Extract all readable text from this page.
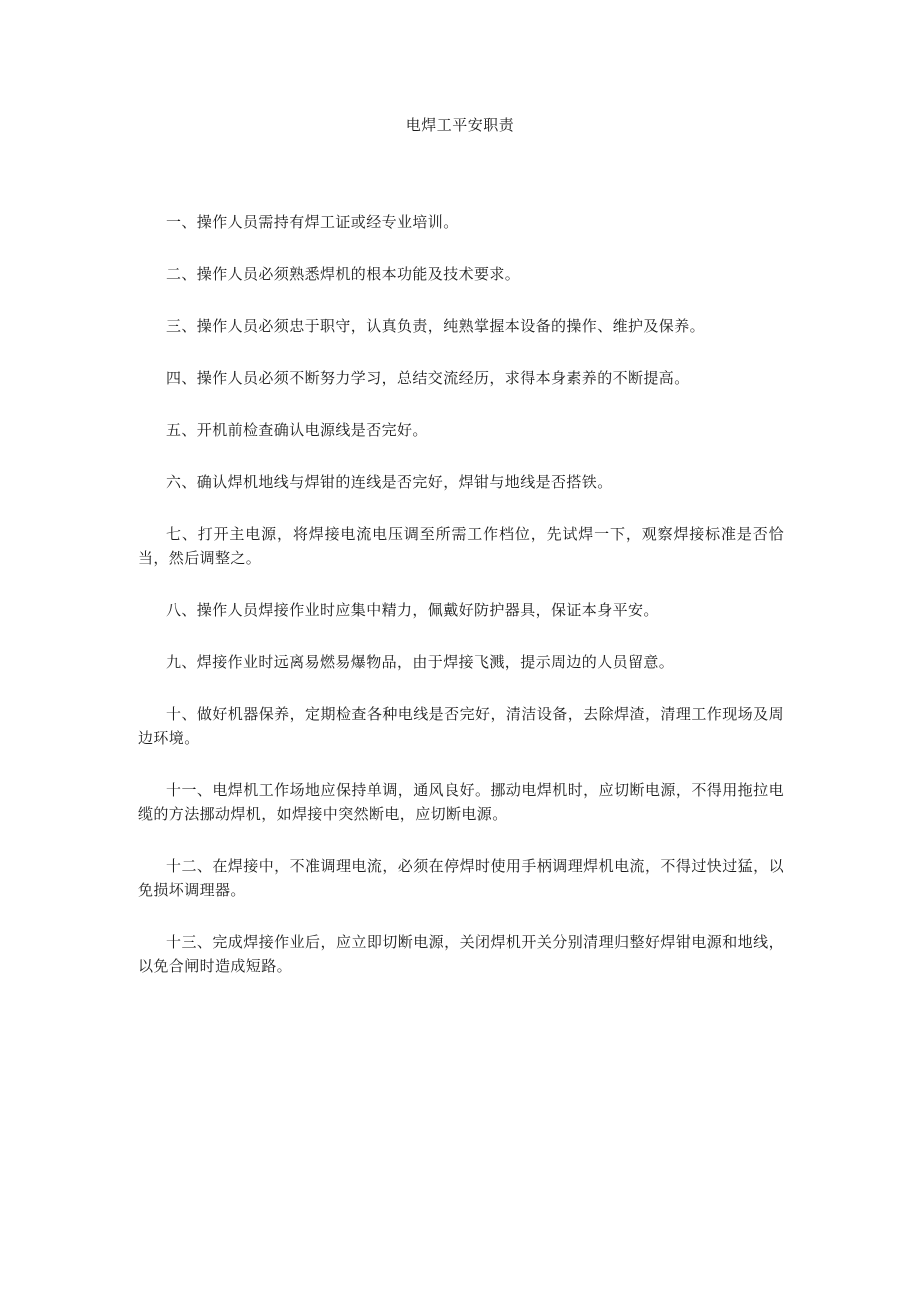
电焊工平安职责
一、操作人员需持有焊工证或经专业培训。
二、操作人员必须熟悉焊机的根本功能及技术要求。
三、操作人员必须忠于职守，认真负责，纯熟掌握本设备的操作、维护及保养。
四、操作人员必须不断努力学习，总结交流经历，求得本身素养的不断提高。
五、开机前检查确认电源线是否完好。
六、确认焊机地线与焊钳的连线是否完好，焊钳与地线是否搭铁。
七、打开主电源，将焊接电流电压调至所需工作档位，先试焊一下，观察焊接标准是否恰当，然后调整之。
八、操作人员焊接作业时应集中精力，佩戴好防护器具，保证本身平安。
九、焊接作业时远离易燃易爆物品，由于焊接飞溅，提示周边的人员留意。
十、做好机器保养，定期检查各种电线是否完好，清洁设备，去除焊渣，清理工作现场及周边环境。
十一、电焊机工作场地应保持单调，通风良好。挪动电焊机时，应切断电源，不得用拖拉电缆的方法挪动焊机，如焊接中突然断电，应切断电源。
十二、在焊接中，不准调理电流，必须在停焊时使用手柄调理焊机电流，不得过快过猛，以免损坏调理器。
十三、完成焊接作业后，应立即切断电源，关闭焊机开关分别清理归整好焊钳电源和地线，以免合闸时造成短路。
